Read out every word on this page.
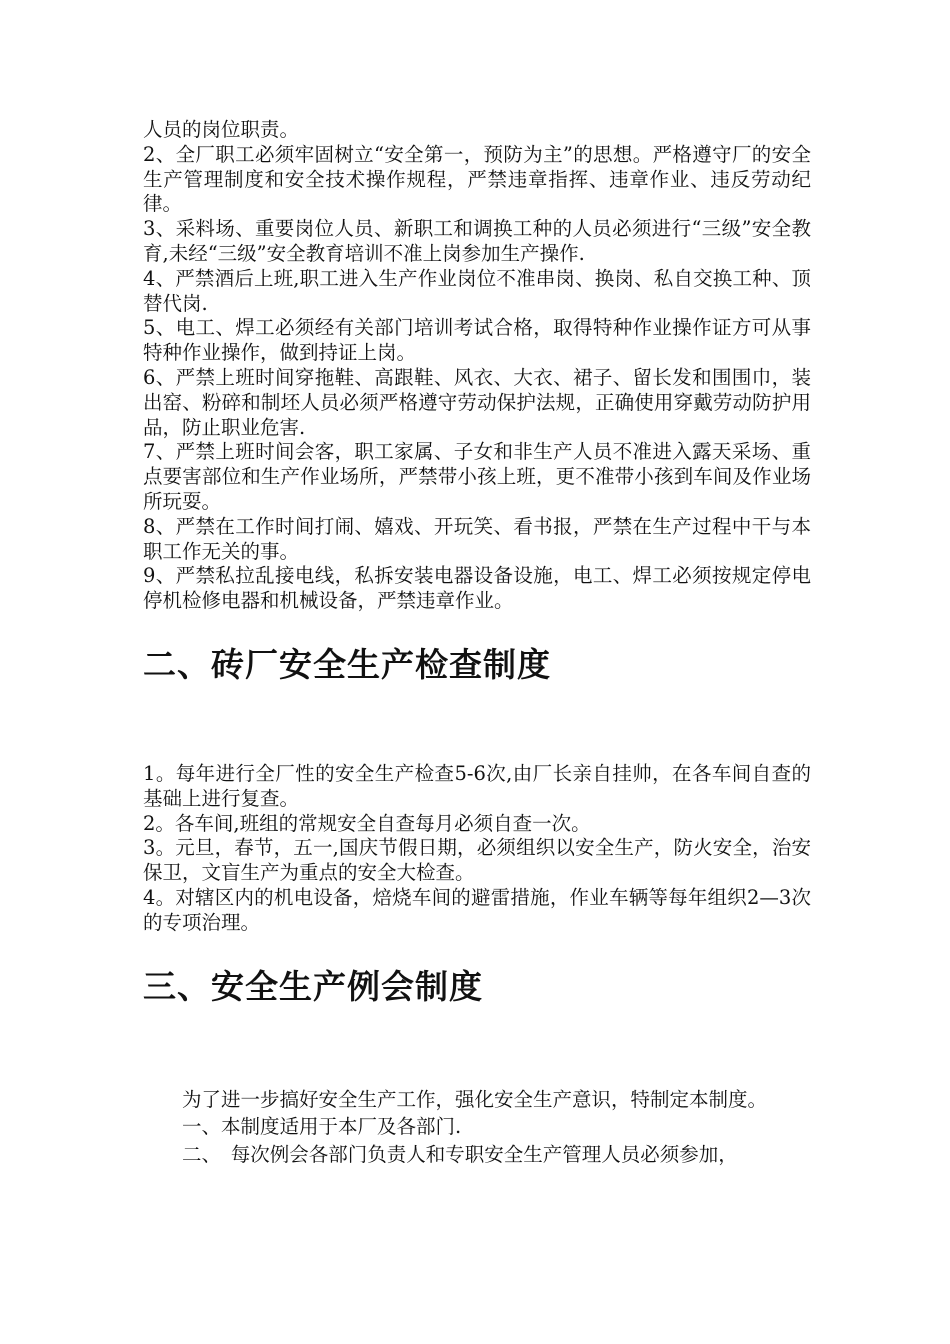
人员的岗位职责。

2、全厂职工必须牢固树立“安全第一，预防为主”的思想。严格遵守厂的安全生产管理制度和安全技术操作规程，严禁违章指挥、违章作业、违反劳动纪律。

3、采料场、重要岗位人员、新职工和调换工种的人员必须进行“三级”安全教育,未经“三级”安全教育培训不准上岗参加生产操作.

4、严禁酒后上班,职工进入生产作业岗位不准串岗、换岗、私自交换工种、顶替代岗.

5、电工、焊工必须经有关部门培训考试合格，取得特种作业操作证方可从事特种作业操作，做到持证上岗。

6、严禁上班时间穿拖鞋、高跟鞋、风衣、大衣、裙子、留长发和围围巾，装出窑、粉碎和制坯人员必须严格遵守劳动保护法规，正确使用穿戴劳动防护用品，防止职业危害.

7、严禁上班时间会客，职工家属、子女和非生产人员不准进入露天采场、重点要害部位和生产作业场所，严禁带小孩上班，更不准带小孩到车间及作业场所玩耍。

8、严禁在工作时间打闹、嬉戏、开玩笑、看书报，严禁在生产过程中干与本职工作无关的事。

9、严禁私拉乱接电线，私拆安装电器设备设施，电工、焊工必须按规定停电停机检修电器和机械设备，严禁违章作业。

二、砖厂安全生产检查制度

1。每年进行全厂性的安全生产检查5-6次,由厂长亲自挂帅，在各车间自查的基础上进行复查。

2。各车间,班组的常规安全自查每月必须自查一次。

3。元旦，春节，五一,国庆节假日期，必须组织以安全生产，防火安全，治安保卫，文盲生产为重点的安全大检查。

4。对辖区内的机电设备，焙烧车间的避雷措施，作业车辆等每年组织2—3次的专项治理。

三、安全生产例会制度

为了进一步搞好安全生产工作，强化安全生产意识，特制定本制度。

一、本制度适用于本厂及各部门.

二、　每次例会各部门负责人和专职安全生产管理人员必须参加，
